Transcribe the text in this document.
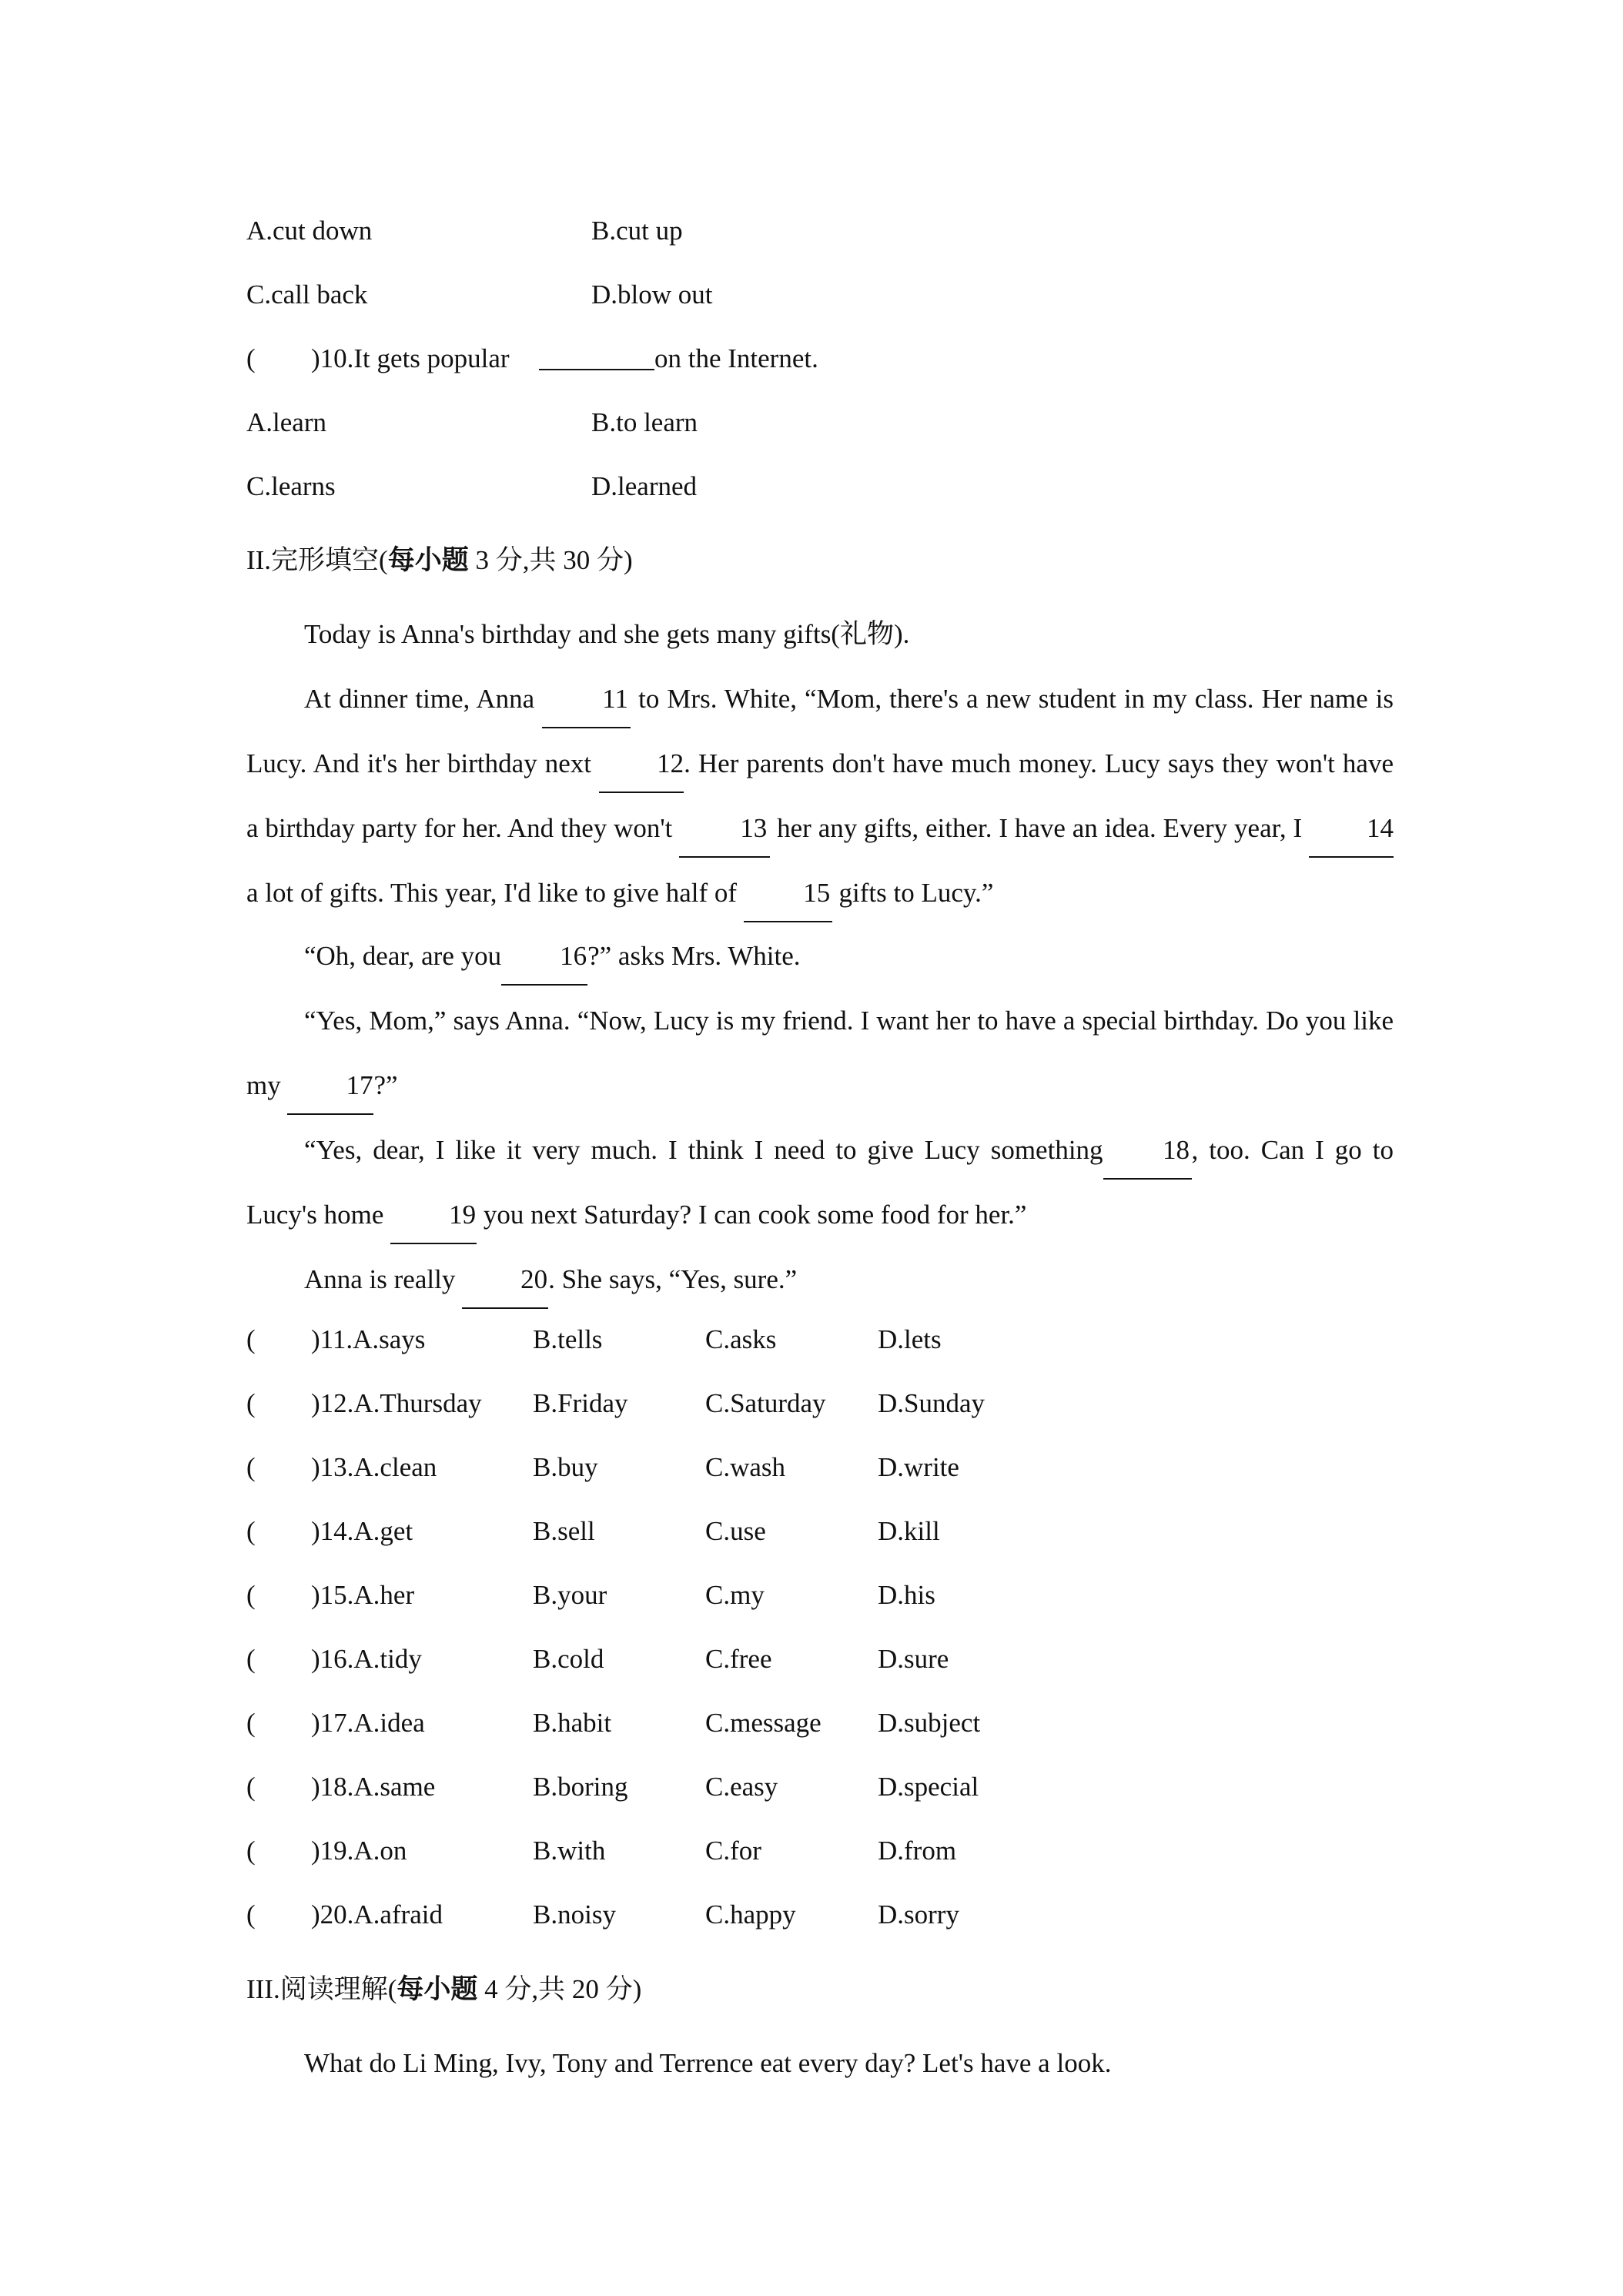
A.cut down	B.cut up
C.call back	D.blow out
( )10.It gets popular	on the Internet.
A.learn	B.to learn
C.learns	D.learned
II.完形填空(每小题 3 分,共 30 分)
Today is Anna's birthday and she gets many gifts(礼物).
At dinner time, Anna 11 to Mrs. White, “Mom, there's a new student in my class. Her name is Lucy. And it's her birthday next 12. Her parents don't have much money. Lucy says they won't have a birthday party for her. And they won't 13 her any gifts, either. I have an idea. Every year, I 14 a lot of gifts. This year, I'd like to give half of 15 gifts to Lucy.”
“Oh, dear, are you 16?” asks Mrs. White.
“Yes, Mom,” says Anna. “Now, Lucy is my friend. I want her to have a special birthday. Do you like my 17?”
“Yes, dear, I like it very much. I think I need to give Lucy something 18, too. Can I go to Lucy's home 19 you next Saturday? I can cook some food for her.”
Anna is really 20. She says, “Yes, sure.”
( )11.A.says	B.tells	C.asks	D.lets
( )12.A.Thursday B.Friday	C.Saturday D.Sunday
( )13.A.clean	B.buy	C.wash	D.write
( )14.A.get	B.sell	C.use	D.kill
( )15.A.her	B.your	C.my	D.his
( )16.A.tidy	B.cold	C.free	D.sure
( )17.A.idea	B.habit	C.message D.subject
( )18.A.same	B.boring	C.easy	D.special
( )19.A.on	B.with	C.for	D.from
( )20.A.afraid	B.noisy	C.happy	D.sorry
III.阅读理解(每小题 4 分,共 20 分)
What do Li Ming, Ivy, Tony and Terrence eat every day? Let's have a look.
